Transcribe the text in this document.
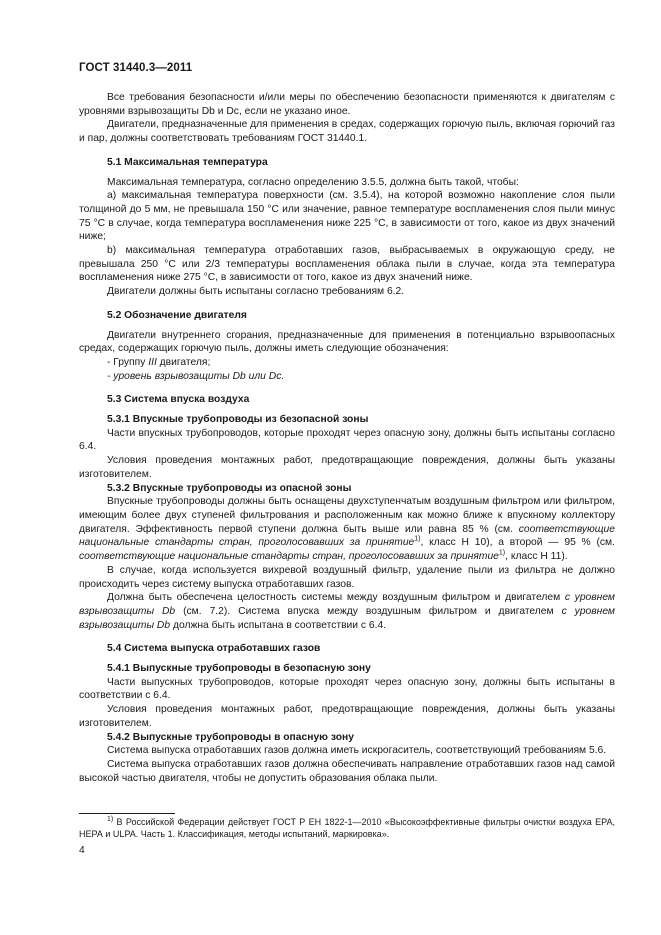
ГОСТ 31440.3—2011

Все требования безопасности и/или меры по обеспечению безопасности применяются к двигателям с уровнями взрывозащиты Db и Dc, если не указано иное.

Двигатели, предназначенные для применения в средах, содержащих горючую пыль, включая горючий газ и пар, должны соответствовать требованиям ГОСТ 31440.1.

5.1 Максимальная температура

Максимальная температура, согласно определению 3.5.5, должна быть такой, чтобы:

а) максимальная температура поверхности (см. 3.5.4), на которой возможно накопление слоя пыли толщиной до 5 мм, не превышала 150 °C или значение, равное температуре воспламенения слоя пыли минус 75 °C в случае, когда температура воспламенения ниже 225 °C, в зависимости от того, какое из двух значений ниже;

b) максимальная температура отработавших газов, выбрасываемых в окружающую среду, не превышала 250 °C или 2/3 температуры воспламенения облака пыли в случае, когда эта температура воспламенения ниже 275 °C, в зависимости от того, какое из двух значений ниже.

Двигатели должны быть испытаны согласно требованиям 6.2.

5.2 Обозначение двигателя

Двигатели внутреннего сгорания, предназначенные для применения в потенциально взрывоопасных средах, содержащих горючую пыль, должны иметь следующие обозначения:

- Группу III двигателя;

- уровень взрывозащиты Db или Dc.

5.3 Система впуска воздуха
5.3.1 Впускные трубопроводы из безопасной зоны

Части впускных трубопроводов, которые проходят через опасную зону, должны быть испытаны согласно 6.4.

Условия проведения монтажных работ, предотвращающие повреждения, должны быть указаны изготовителем.

5.3.2 Впускные трубопроводы из опасной зоны

Впускные трубопроводы должны быть оснащены двухступенчатым воздушным фильтром или фильтром, имеющим более двух ступеней фильтрования и расположенным как можно ближе к впускному коллектору двигателя. Эффективность первой ступени должна быть выше или равна 85 % (см. соответствующие национальные стандарты стран, проголосовавших за принятие$^{1)}$, класс Н 10), а второй — 95 % (см. соответствующие национальные стандарты стран, проголосовавших за принятие$^{1)}$, класс Н 11).

В случае, когда используется вихревой воздушный фильтр, удаление пыли из фильтра не должно происходить через систему выпуска отработавших газов.

Должна быть обеспечена целостность системы между воздушным фильтром и двигателем с уровнем взрывозащиты Db (см. 7.2). Система впуска между воздушным фильтром и двигателем с уровнем взрывозащиты Db должна быть испытана в соответствии с 6.4.

5.4 Система выпуска отработавших газов
5.4.1 Выпускные трубопроводы в безопасную зону

Части выпускных трубопроводов, которые проходят через опасную зону, должны быть испытаны в соответствии с 6.4.

Условия проведения монтажных работ, предотвращающие повреждения, должны быть указаны изготовителем.

5.4.2 Выпускные трубопроводы в опасную зону

Система выпуска отработавших газов должна иметь искрогаситель, соответствующий требованиям 5.6.

Система выпуска отработавших газов должна обеспечивать направление отработавших газов над самой высокой частью двигателя, чтобы не допустить образования облака пыли.

$^{1)}$ В Российской Федерации действует ГОСТ Р ЕН 1822-1—2010 «Высокоэффективные фильтры очистки воздуха ЕРА, НЕРА и ULPA. Часть 1. Классификация, методы испытаний, маркировка».
4
